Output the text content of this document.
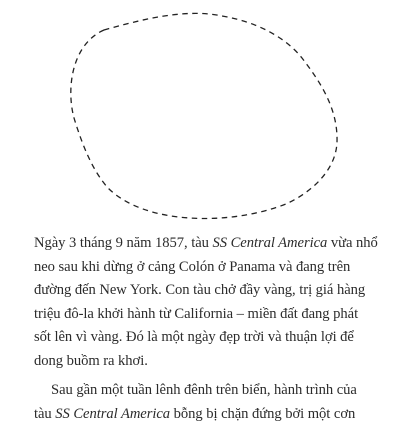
Ngày 3 tháng 9 năm 1857, tàu SS Central America vừa nhổ
neo sau khi dừng ở cảng Colón ở Panama và đang trên
đường đến New York. Con tàu chở đầy vàng, trị giá hàng
triệu đô-la khởi hành từ California – miền đất đang phát
sốt lên vì vàng. Đó là một ngày đẹp trời và thuận lợi để
dong buồm ra khơi.
Sau gần một tuần lênh đênh trên biển, hành trình của
tàu SS Central America bỗng bị chặn đứng bởi một cơn
